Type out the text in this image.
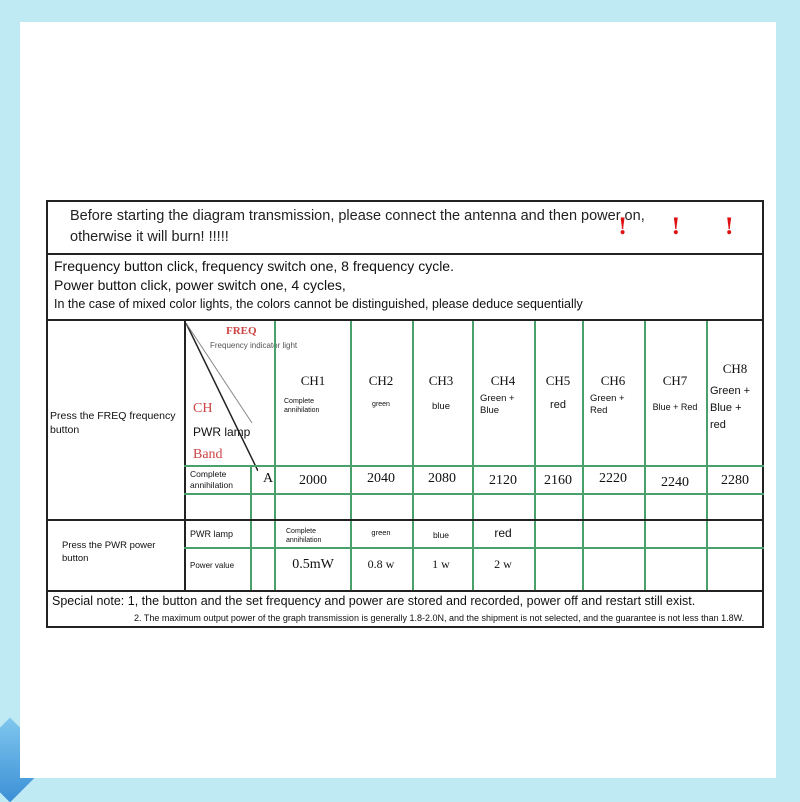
Before starting the diagram transmission, please connect the antenna and then power on,
otherwise it will burn! !!!!!	! ! !
Frequency button click, frequency switch one, 8 frequency cycle.
Power button click, power switch one, 4 cycles,
In the case of mixed color lights, the colors cannot be distinguished, please deduce sequentially
Press the FREQ frequency button
Press the PWR power button
FREQ
Frequency indicator light
CH
PWR lamp
Band
Complete annihilation	A
CH1
Complete annihilation
2000
CH2
green
2040
CH3
blue
2080
CH4
Green + Blue
2120
CH5
red
2160
CH6
Green + Red
2220
CH7
Blue + Red
2240
CH8
Green + Blue + red
2280
PWR lamp
Power value
Complete annihilation
0.5mW
green
0.8 w
blue
1 w
red
2 w
Special note: 1, the button and the set frequency and power are stored and recorded, power off and restart still exist.
2. The maximum output power of the graph transmission is generally 1.8-2.0N, and the shipment is not selected, and the guarantee is not less than 1.8W.
